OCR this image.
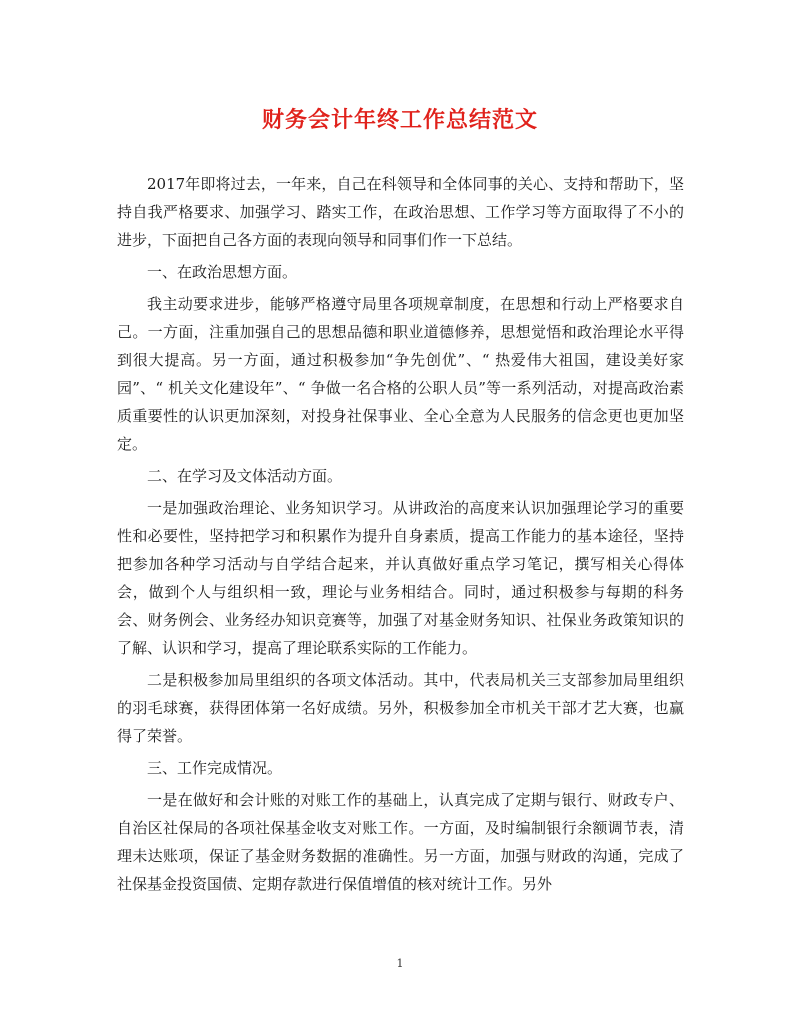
财务会计年终工作总结范文

2017年即将过去，一年来，自己在科领导和全体同事的关心、支持和帮助下，坚持自我严格要求、加强学习、踏实工作，在政治思想、工作学习等方面取得了不小的进步，下面把自己各方面的表现向领导和同事们作一下总结。

一、在政治思想方面。

我主动要求进步，能够严格遵守局里各项规章制度，在思想和行动上严格要求自己。一方面，注重加强自己的思想品德和职业道德修养，思想觉悟和政治理论水平得到很大提高。另一方面，通过积极参加“争先创优”、“ 热爱伟大祖国，建设美好家园”、“ 机关文化建设年”、“ 争做一名合格的公职人员”等一系列活动，对提高政治素质重要性的认识更加深刻，对投身社保事业、全心全意为人民服务的信念更也更加坚定。

二、在学习及文体活动方面。

一是加强政治理论、业务知识学习。从讲政治的高度来认识加强理论学习的重要性和必要性，坚持把学习和积累作为提升自身素质，提高工作能力的基本途径，坚持把参加各种学习活动与自学结合起来，并认真做好重点学习笔记，撰写相关心得体会，做到个人与组织相一致，理论与业务相结合。同时，通过积极参与每期的科务会、财务例会、业务经办知识竞赛等，加强了对基金财务知识、社保业务政策知识的了解、认识和学习，提高了理论联系实际的工作能力。

二是积极参加局里组织的各项文体活动。其中，代表局机关三支部参加局里组织的羽毛球赛，获得团体第一名好成绩。另外，积极参加全市机关干部才艺大赛，也赢得了荣誉。

三、工作完成情况。

一是在做好和会计账的对账工作的基础上，认真完成了定期与银行、财政专户、自治区社保局的各项社保基金收支对账工作。一方面，及时编制银行余额调节表，清理未达账项，保证了基金财务数据的准确性。另一方面，加强与财政的沟通，完成了社保基金投资国债、定期存款进行保值增值的核对统计工作。另外

1
